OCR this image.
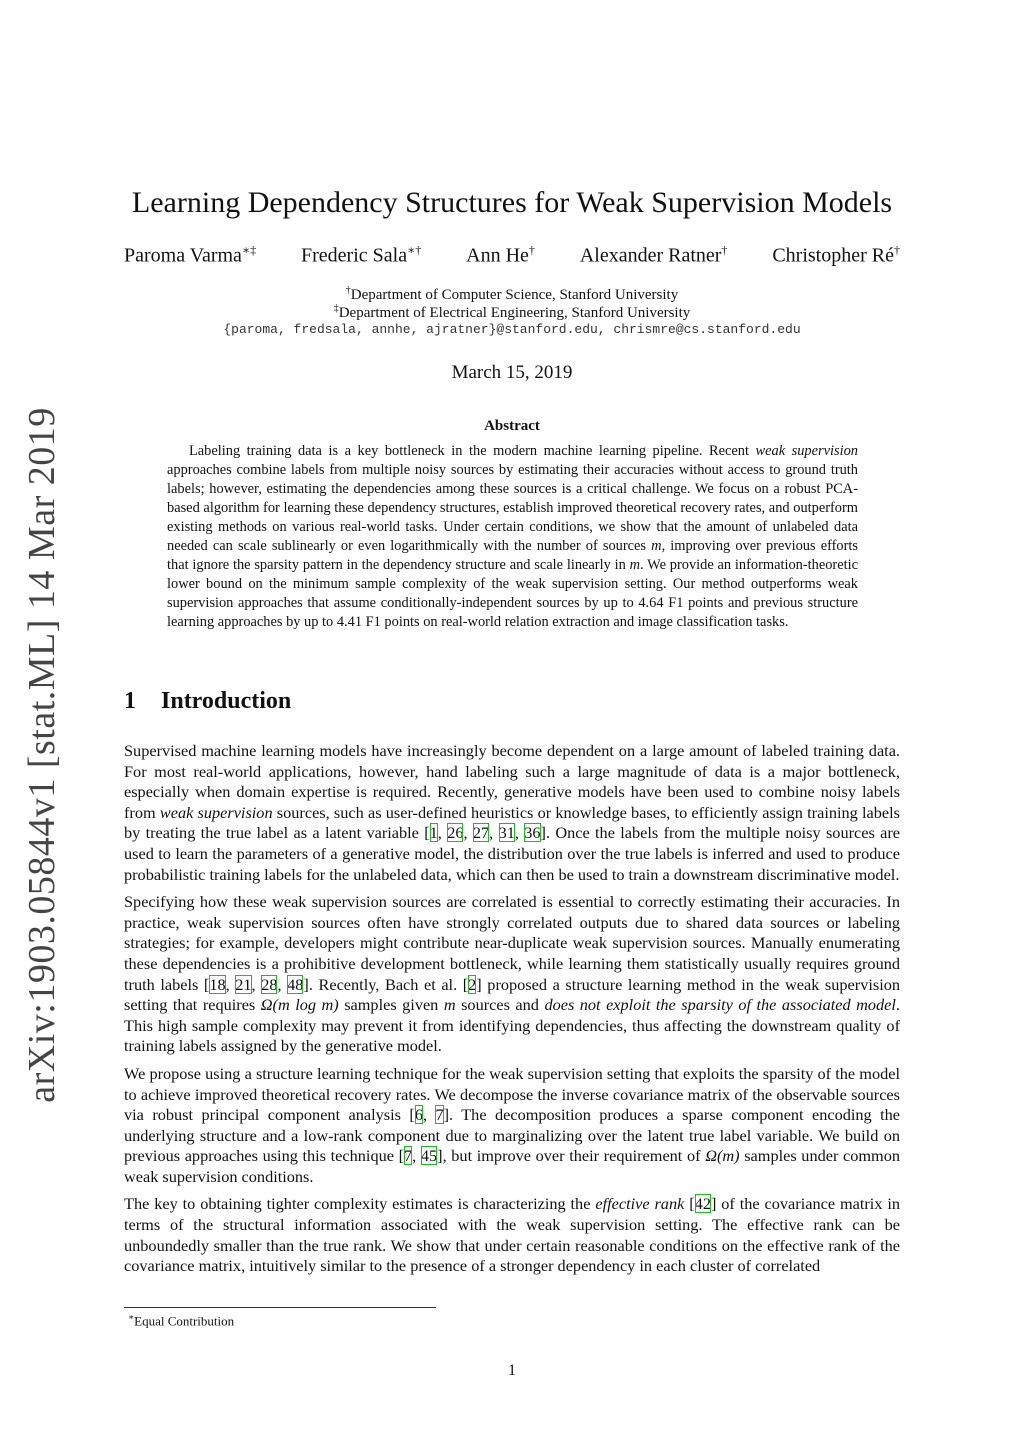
arXiv:1903.05844v1 [stat.ML] 14 Mar 2019
Learning Dependency Structures for Weak Supervision Models
Paroma Varma∗‡ Frederic Sala∗† Ann He† Alexander Ratner† Christopher Ré†
†Department of Computer Science, Stanford University
‡Department of Electrical Engineering, Stanford University
{paroma, fredsala, annhe, ajratner}@stanford.edu, chrismre@cs.stanford.edu
March 15, 2019
Abstract

Labeling training data is a key bottleneck in the modern machine learning pipeline. Recent weak supervision approaches combine labels from multiple noisy sources by estimating their accuracies without access to ground truth labels; however, estimating the dependencies among these sources is a critical challenge. We focus on a robust PCA-based algorithm for learning these dependency structures, establish improved theoretical recovery rates, and outperform existing methods on various real-world tasks. Under certain conditions, we show that the amount of unlabeled data needed can scale sublinearly or even logarithmically with the number of sources m, improving over previous efforts that ignore the sparsity pattern in the dependency structure and scale linearly in m. We provide an information-theoretic lower bound on the minimum sample complexity of the weak supervision setting. Our method outperforms weak supervision approaches that assume conditionally-independent sources by up to 4.64 F1 points and previous structure learning approaches by up to 4.41 F1 points on real-world relation extraction and image classification tasks.

1 Introduction

Supervised machine learning models have increasingly become dependent on a large amount of labeled training data. For most real-world applications, however, hand labeling such a large magnitude of data is a major bottleneck, especially when domain expertise is required. Recently, generative models have been used to combine noisy labels from weak supervision sources, such as user-defined heuristics or knowledge bases, to efficiently assign training labels by treating the true label as a latent variable [1, 26, 27, 31, 36]. Once the labels from the multiple noisy sources are used to learn the parameters of a generative model, the distribution over the true labels is inferred and used to produce probabilistic training labels for the unlabeled data, which can then be used to train a downstream discriminative model.

Specifying how these weak supervision sources are correlated is essential to correctly estimating their accuracies. In practice, weak supervision sources often have strongly correlated outputs due to shared data sources or labeling strategies; for example, developers might contribute near-duplicate weak supervision sources. Manually enumerating these dependencies is a prohibitive development bottleneck, while learning them statistically usually requires ground truth labels [18, 21, 28, 48]. Recently, Bach et al. [2] proposed a structure learning method in the weak supervision setting that requires Ω(m log m) samples given m sources and does not exploit the sparsity of the associated model. This high sample complexity may prevent it from identifying dependencies, thus affecting the downstream quality of training labels assigned by the generative model.

We propose using a structure learning technique for the weak supervision setting that exploits the sparsity of the model to achieve improved theoretical recovery rates. We decompose the inverse covariance matrix of the observable sources via robust principal component analysis [6, 7]. The decomposition produces a sparse component encoding the underlying structure and a low-rank component due to marginalizing over the latent true label variable. We build on previous approaches using this technique [7, 45], but improve over their requirement of Ω(m) samples under common weak supervision conditions.

The key to obtaining tighter complexity estimates is characterizing the effective rank [42] of the covariance matrix in terms of the structural information associated with the weak supervision setting. The effective rank can be unboundedly smaller than the true rank. We show that under certain reasonable conditions on the effective rank of the covariance matrix, intuitively similar to the presence of a stronger dependency in each cluster of correlated

∗Equal Contribution
1
